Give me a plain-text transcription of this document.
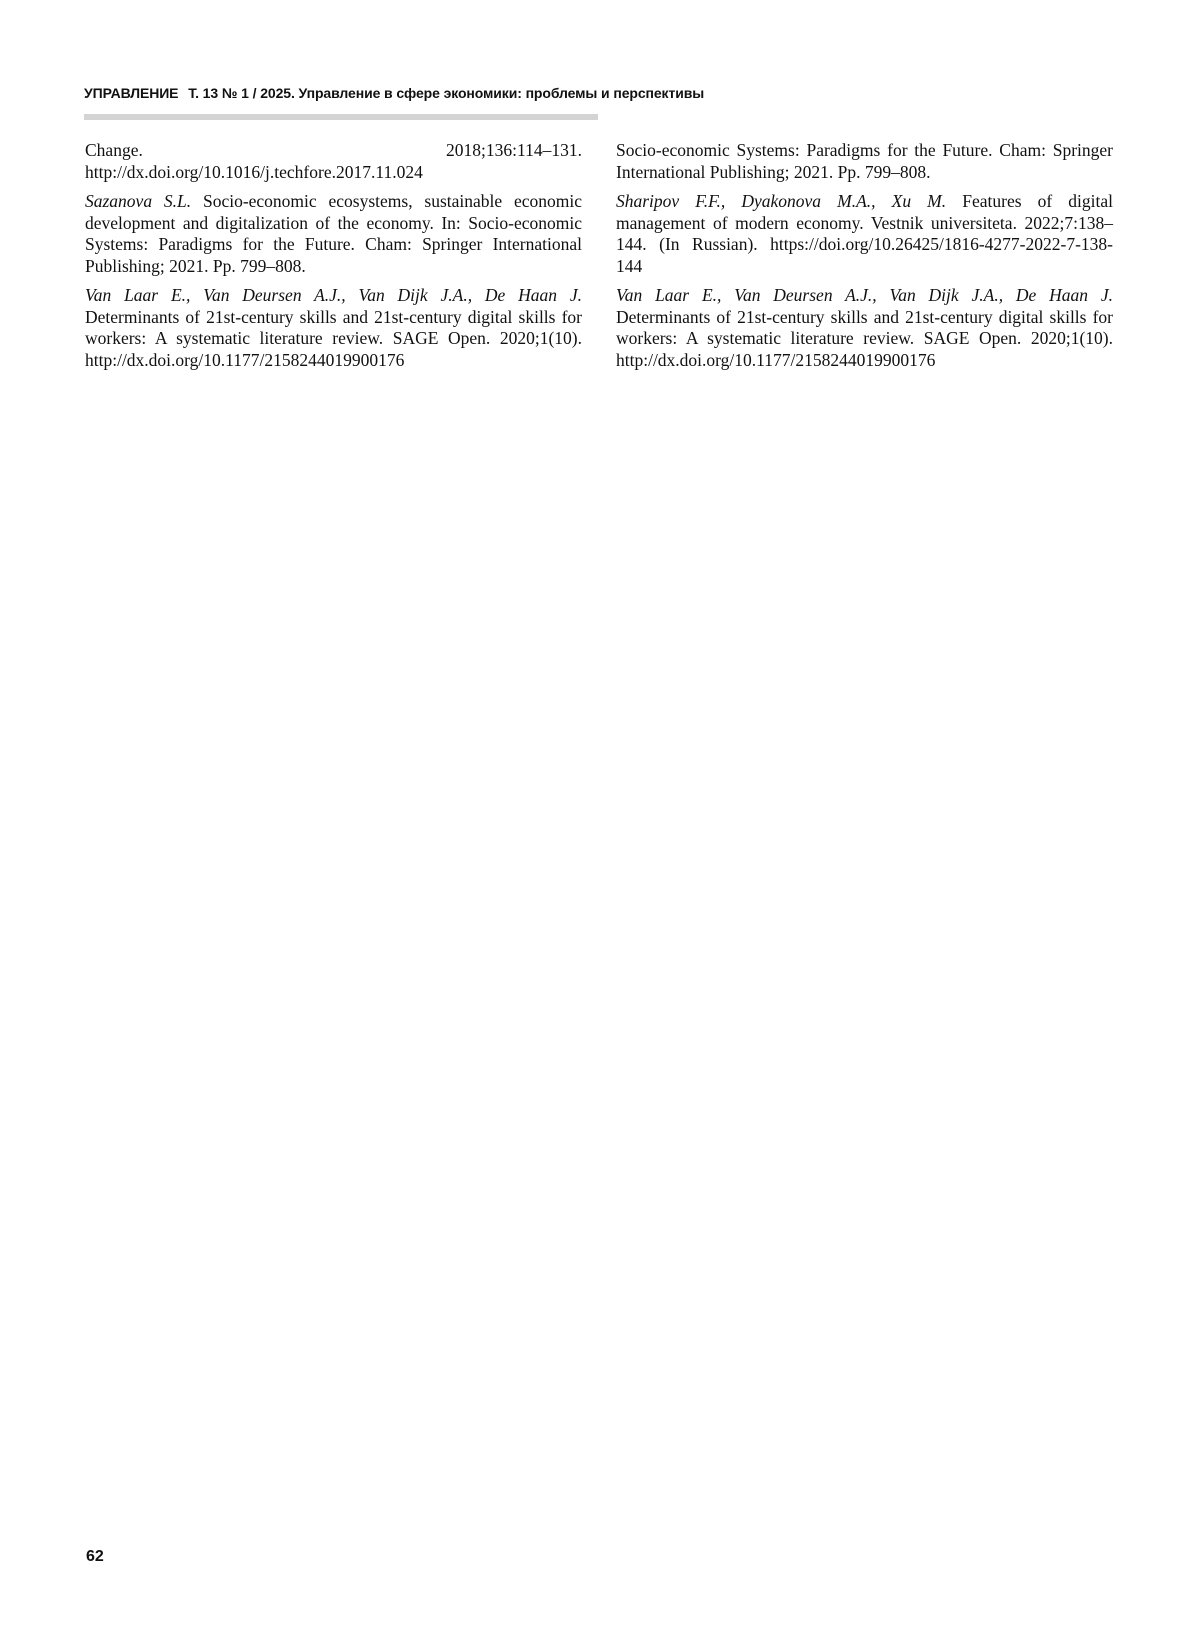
УПРАВЛЕНИЕ Т. 13 № 1 / 2025. Управление в сфере экономики: проблемы и перспективы

Change. 2018;136:114–131. http://dx.doi.org/10.1016/j.techfore.2017.11.024

Sazanova S.L. Socio-economic ecosystems, sustainable economic development and digitalization of the economy. In: Socio-economic Systems: Paradigms for the Future. Cham: Springer International Publishing; 2021. Pp. 799–808.

Van Laar E., Van Deursen A.J., Van Dijk J.A., De Haan J. Determinants of 21st-century skills and 21st-century digital skills for workers: A systematic literature review. SAGE Open. 2020;1(10). http://dx.doi.org/10.1177/2158244019900176

Socio-economic Systems: Paradigms for the Future. Cham: Springer International Publishing; 2021. Pp. 799–808.

Sharipov F.F., Dyakonova M.A., Xu M. Features of digital management of modern economy. Vestnik universiteta. 2022;7:138–144. (In Russian). https://doi.org/10.26425/1816-4277-2022-7-138-144

Van Laar E., Van Deursen A.J., Van Dijk J.A., De Haan J. Determinants of 21st-century skills and 21st-century digital skills for workers: A systematic literature review. SAGE Open. 2020;1(10). http://dx.doi.org/10.1177/2158244019900176

62
